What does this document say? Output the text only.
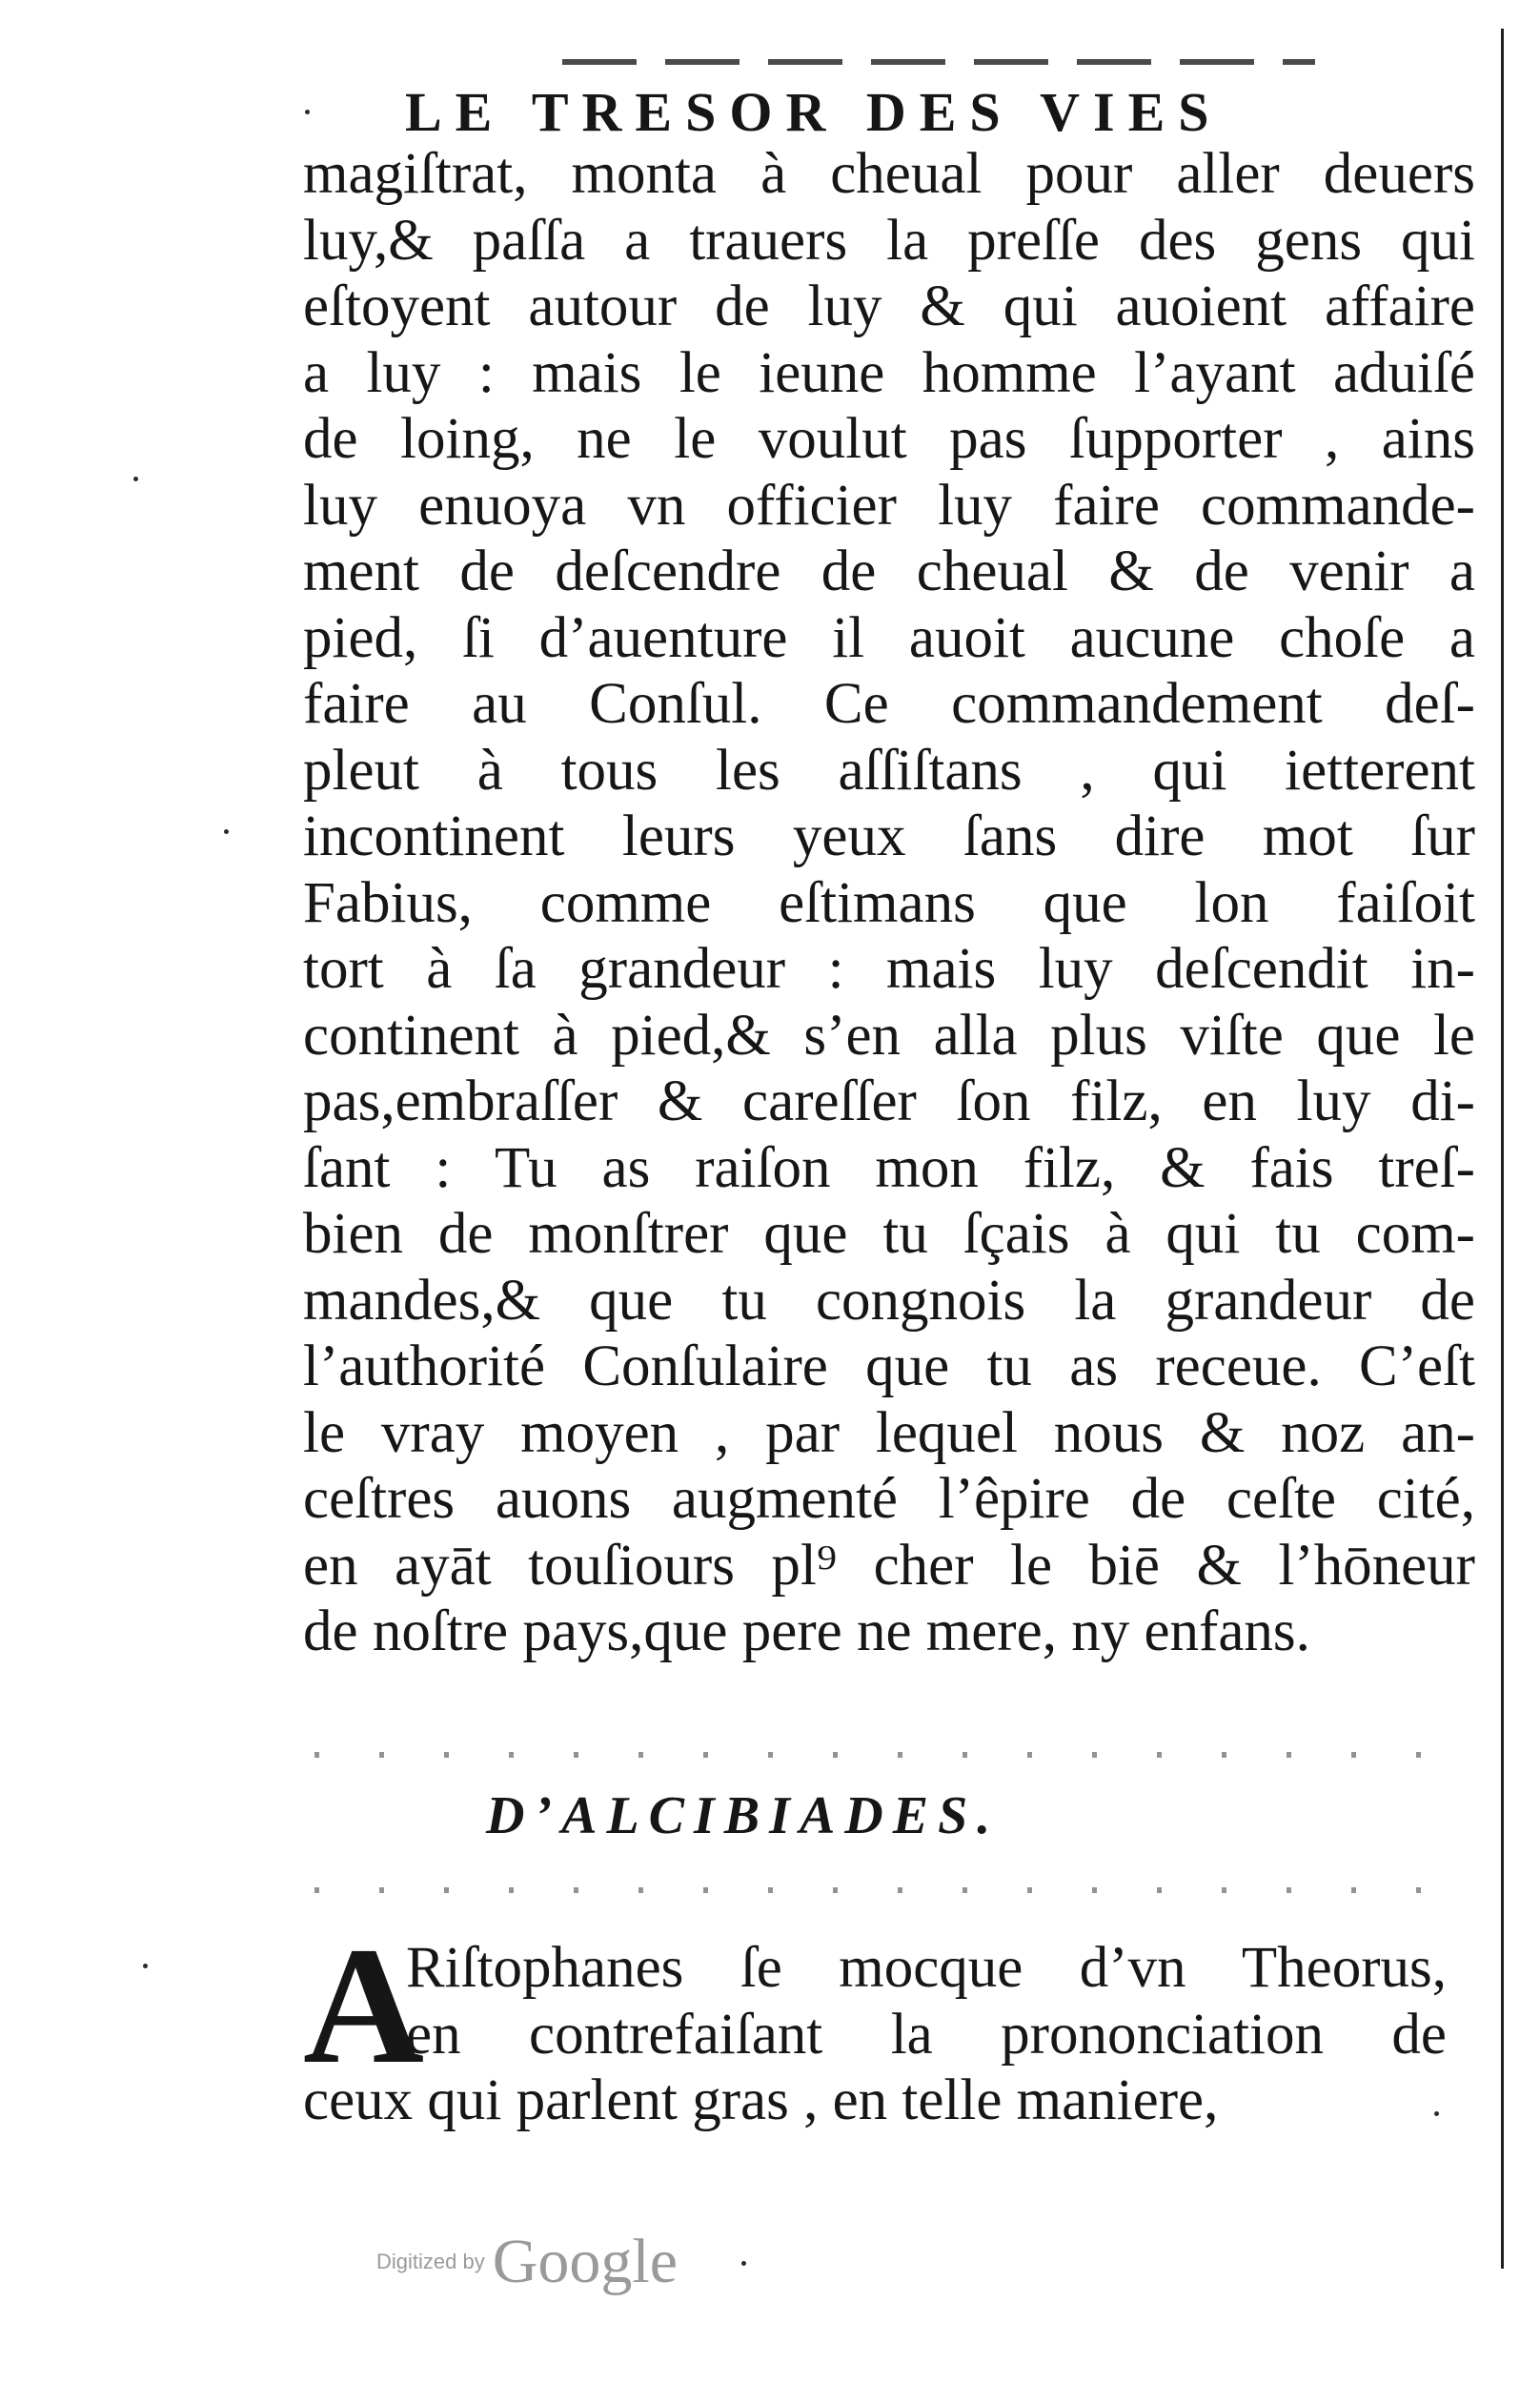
LE TRESOR DES VIES
magiſtrat, monta à cheual pour aller deuers
luy,& paſſa a trauers la preſſe des gens qui
eſtoyent autour de luy & qui auoient affaire
a luy : mais le ieune homme l’ayant aduiſé
de loing, ne le voulut pas ſupporter , ains
luy enuoya vn officier luy faire commande-
ment de deſcendre de cheual & de venir a
pied, ſi d’auenture il auoit aucune choſe a
faire au Conſul. Ce commandement deſ-
pleut à tous les aſſiſtans , qui ietterent
incontinent leurs yeux ſans dire mot ſur
Fabius, comme eſtimans que lon faiſoit
tort à ſa grandeur : mais luy deſcendit in-
continent à pied,& s’en alla plus viſte que le
pas,embraſſer & careſſer ſon filz, en luy di-
ſant : Tu as raiſon mon filz, & fais treſ-
bien de monſtrer que tu ſçais à qui tu com-
mandes,& que tu congnois la grandeur de
l’authorité Conſulaire que tu as receue. C’eſt
le vray moyen , par lequel nous & noz an-
ceſtres auons augmenté l’êpire de ceſte cité,
en ayāt touſiours pl⁹ cher le biē & l’hōneur
de noſtre pays,que pere ne mere, ny enfans.
D’ALCIBIADES.
A
Riſtophanes ſe mocque d’vn Theorus,
en contrefaiſant la prononciation de
ceux qui parlent gras , en telle maniere,
Digitized by Google
